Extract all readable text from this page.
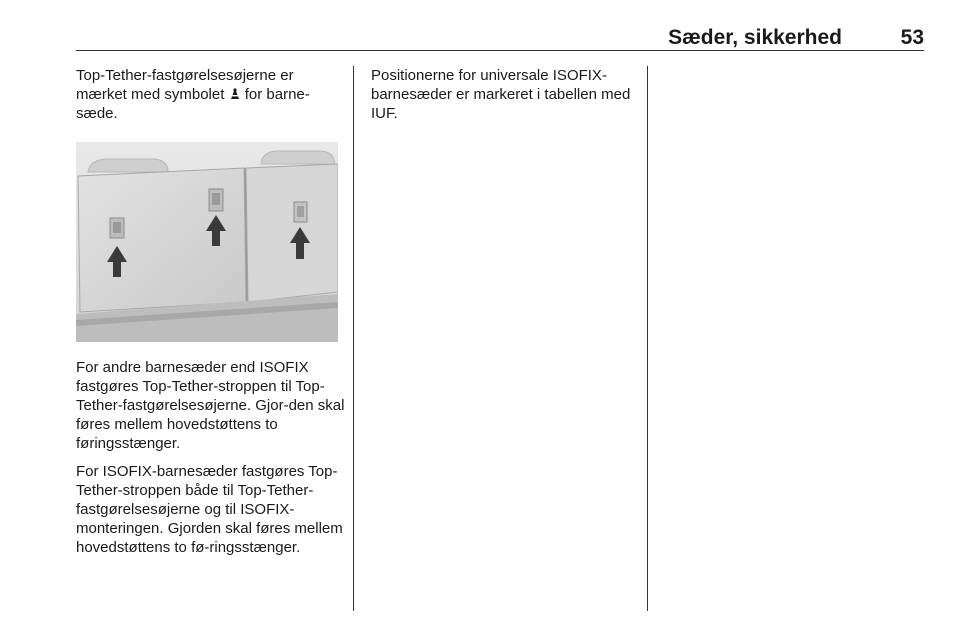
Sæder, sikkerhed	53

Top-Tether-fastgørelsesøjerne er mærket med symbolet  for barne-sæde.

For andre barnesæder end ISOFIX fastgøres Top-Tether-stroppen til Top-Tether-fastgørelsesøjerne. Gjor-den skal føres mellem hovedstøttens to føringsstænger.

For ISOFIX-barnesæder fastgøres Top-Tether-stroppen både til Top-Tether-fastgørelsesøjerne og til ISOFIX-monteringen. Gjorden skal føres mellem hovedstøttens to fø-ringsstænger.

Positionerne for universale ISOFIX-barnesæder er markeret i tabellen med IUF.
